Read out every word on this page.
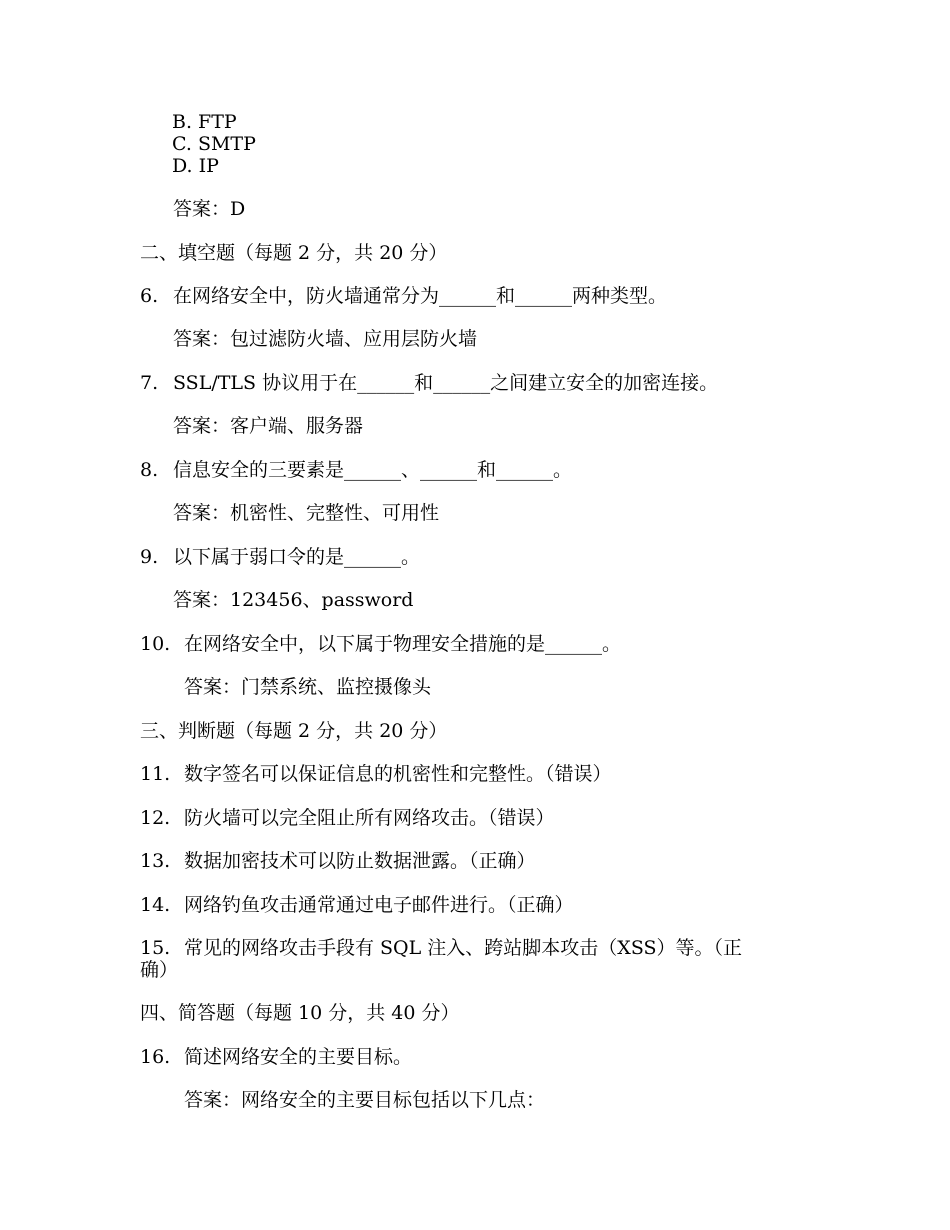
B. FTP

C. SMTP

D. IP

答案：D

二、填空题（每题 2 分，共 20 分）

6. 在网络安全中，防火墙通常分为______和______两种类型。

答案：包过滤防火墙、应用层防火墙

7. SSL/TLS 协议用于在______和______之间建立安全的加密连接。

答案：客户端、服务器

8. 信息安全的三要素是______、______和______。

答案：机密性、完整性、可用性

9. 以下属于弱口令的是______。

答案：123456、password

10. 在网络安全中，以下属于物理安全措施的是______。

答案：门禁系统、监控摄像头

三、判断题（每题 2 分，共 20 分）

11. 数字签名可以保证信息的机密性和完整性。（错误）

12. 防火墙可以完全阻止所有网络攻击。（错误）

13. 数据加密技术可以防止数据泄露。（正确）

14. 网络钓鱼攻击通常通过电子邮件进行。（正确）

15. 常见的网络攻击手段有 SQL 注入、跨站脚本攻击（XSS）等。（正

确）

四、简答题（每题 10 分，共 40 分）

16. 简述网络安全的主要目标。

答案：网络安全的主要目标包括以下几点：
